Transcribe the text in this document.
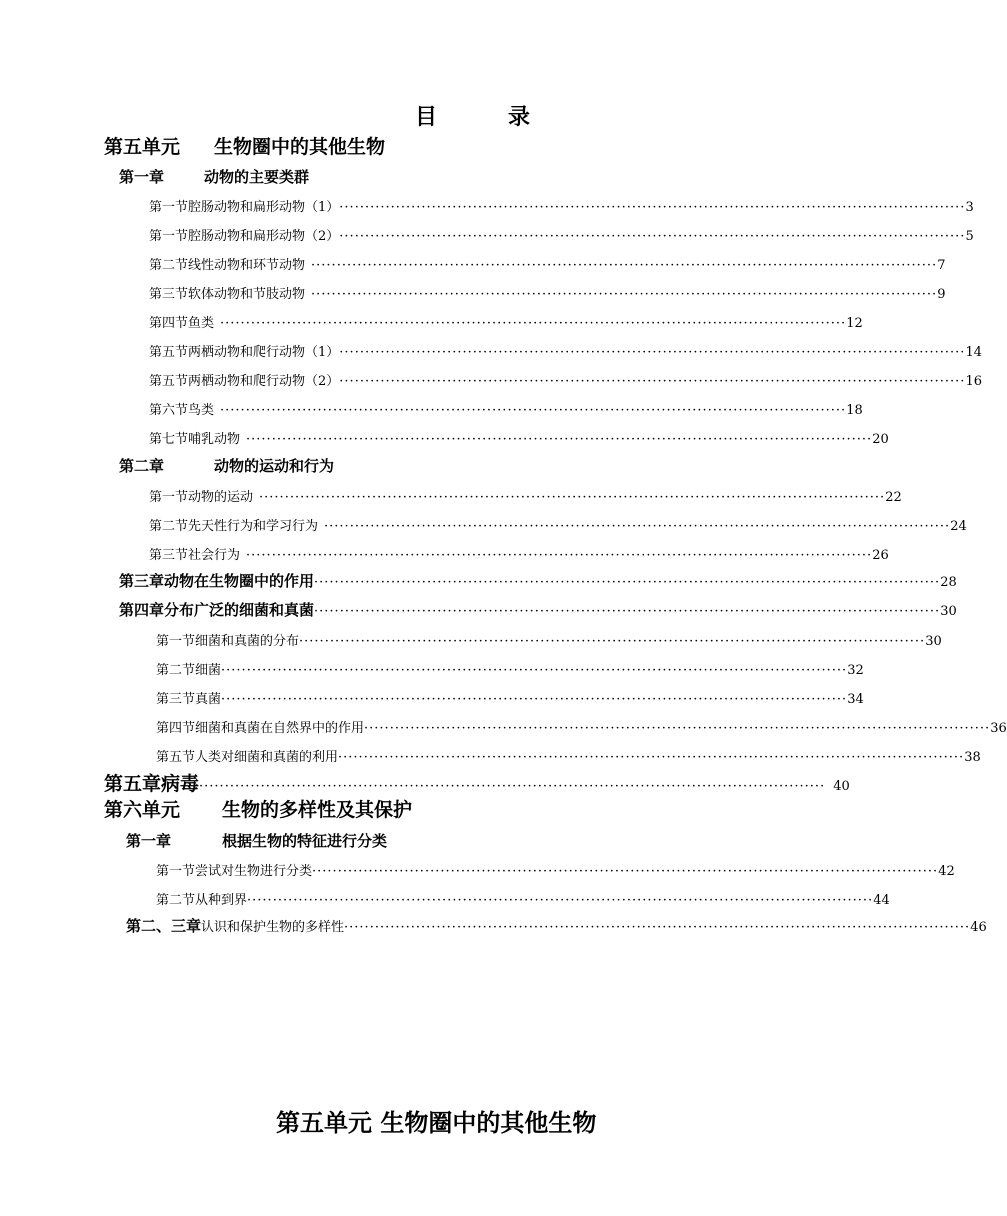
目	录
第五单元 生物圈中的其他生物
第一章	动物的主要类群
第一节 腔肠动物和扁形动物（1） ·························································································································· 3
第一节 腔肠动物和扁形动物（2） ·························································································································· 5
第二节 线性动物和环节动物 ·························································································································· 7
第三节 软体动物和节肢动物 ·························································································································· 9
第四节 鱼类 ·························································································································· 12
第五节 两栖动物和爬行动物（1） ·························································································································· 14
第五节 两栖动物和爬行动物（2） ·························································································································· 16
第六节 鸟类 ·························································································································· 18
第七节 哺乳动物 ·························································································································· 20
第二章	动物的运动和行为
第一节 动物的运动 ·························································································································· 22
第二节 先天性行为和学习行为 ·························································································································· 24
第三节 社会行为 ·························································································································· 26
第三章 动物在生物圈中的作用 ·························································································································· 28
第四章 分布广泛的细菌和真菌 ·························································································································· 30
第一节 细菌和真菌的分布 ·························································································································· 30
第二节 细菌 ·························································································································· 32
第三节 真菌 ·························································································································· 34
第四节 细菌和真菌在自然界中的作用 ·························································································································· 36
第五节 人类对细菌和真菌的利用 ·························································································································· 38
第五章 病毒 ·························································································································· 40
第六单元 生物的多样性及其保护
第一章	根据生物的特征进行分类
第一节 尝试对生物进行分类 ·························································································································· 42
第二节 从种到界 ·························································································································· 44
第二、三章 认识和保护生物的多样性 ·························································································································· 46
第五单元 生物圈中的其他生物
